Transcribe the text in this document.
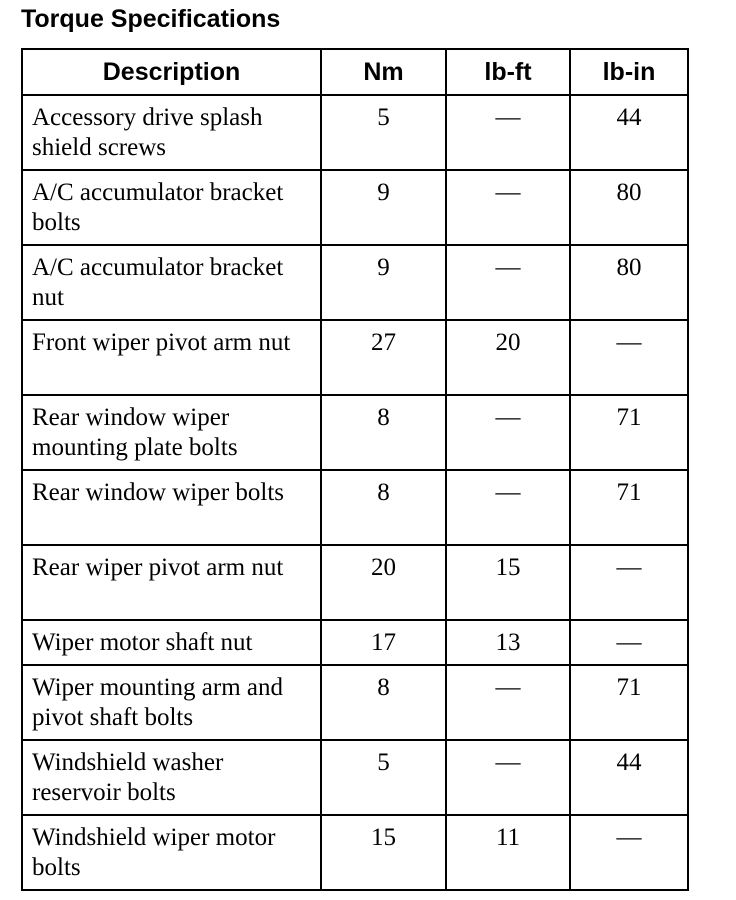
Torque Specifications
Description	Nm	lb-ft	lb-in
Accessory drive splash shield screws	5	—	44
A/C accumulator bracket bolts	9	—	80
A/C accumulator bracket nut	9	—	80
Front wiper pivot arm nut	27	20	—
Rear window wiper mounting plate bolts	8	—	71
Rear window wiper bolts	8	—	71
Rear wiper pivot arm nut	20	15	—
Wiper motor shaft nut	17	13	—
Wiper mounting arm and pivot shaft bolts	8	—	71
Windshield washer reservoir bolts	5	—	44
Windshield wiper motor bolts	15	11	—
